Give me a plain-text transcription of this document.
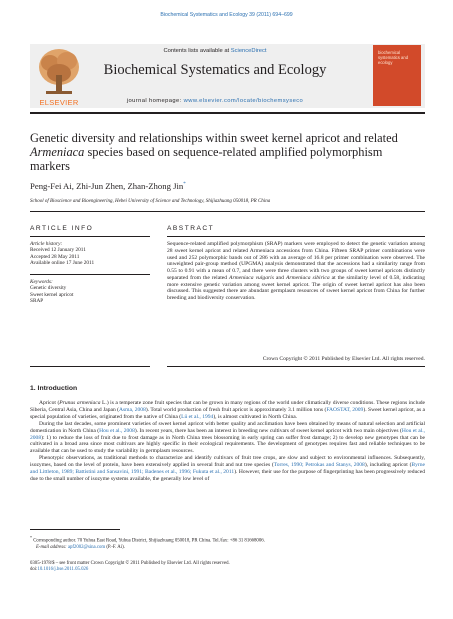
Biochemical Systematics and Ecology 39 (2011) 694–699
ELSEVIER
Contents lists available at ScienceDirect
Biochemical Systematics and Ecology
journal homepage: www.elsevier.com/locate/biochemsyseco
biochemical systematics and ecology
Genetic diversity and relationships within sweet kernel apricot and related Armeniaca species based on sequence-related amplified polymorphism markers
Peng-Fei Ai, Zhi-Jun Zhen, Zhan-Zhong Jin*
School of Bioscience and Bioengineering, Hebei University of Science and Technology, Shijiazhuang 050018, PR China
ARTICLE INFO
Article history:
Received 12 January 2011
Accepted 28 May 2011
Available online 17 June 2011
Keywords:
Genetic diversity
Sweet kernel apricot
SRAP
ABSTRACT
Sequence-related amplified polymorphism (SRAP) markers were employed to detect the genetic variation among 28 sweet kernel apricot and related Armeniaca accessions from China. Fifteen SRAP primer combinations were used and 252 polymorphic bands out of 286 with an average of 16.8 per primer combination were observed. The unweighted pair-group method (UPGMA) analysis demonstrated that the accessions had a similarity range from 0.55 to 0.91 with a mean of 0.7, and there were three clusters with two groups of sweet kernel apricots distinctly separated from the related Armeniaca vulgaris and Armeniaca sibirica at the similarity level of 0.58, indicating more extensive genetic variation among sweet kernel apricot. The origin of sweet kernel apricot has also been discussed. This suggested there are abundant germplasm resources of sweet kernel apricot from China for further breeding and biodiversity conservation.
Crown Copyright © 2011 Published by Elsevier Ltd. All rights reserved.
1. Introduction

Apricot (Prunus armeniaca L.) is a temperate zone fruit species that can be grown in many regions of the world under climatically diverse conditions. These regions include Siberia, Central Asia, China and Japan (Asma, 2008). Total world production of fresh fruit apricot is approximately 3.1 million tons (FAOSTAT, 2009). Sweet kernel apricot, as a special population of varieties, originated from the native of China (Lü et al., 1994), is almost cultivated in North China.

During the last decades, some prominent varieties of sweet kernel apricot with better quality and acclimation have been obtained by means of natural selection and artificial domestication in North China (Hou et al., 2008). In recent years, there has been an interest in breeding new cultivars of sweet kernel apricot with two main objectives (Hou et al., 2008): 1) to reduce the loss of fruit due to frost damage as in North China trees blossoming in early spring can suffer frost damage; 2) to develop new genotypes that can be cultivated in a broad area since most cultivars are highly specific in their ecological requirements. The development of genotypes requires fast and reliable techniques to be available that can be used to study the variability in germplasm resources.

Phenotypic observations, as traditional methods to characterize and identify cultivars of fruit tree crops, are slow and subject to environmental influences. Subsequently, isozymes, based on the level of protein, have been extensively applied in several fruit and nut tree species (Torres, 1990; Petrokas and Stanys, 2008), including apricot (Byrne and Littleton, 1989; Battistini and Sansavini, 1991; Badenes et al., 1996; Fukuta et al., 2011). However, their use for the purpose of fingerprinting has been progressively reduced due to the small number of isozyme systems available, the generally low level of

* Corresponding author. 70 Yuhua East Road, Yuhua District, Shijiazhuang 050018, PR China. Tel./fax: +86 31 81668006.
E-mail address: apf2002@sina.com (P.-F. Ai).
0305-1978/$ – see front matter Crown Copyright © 2011 Published by Elsevier Ltd. All rights reserved.
doi:10.1016/j.bse.2011.05.026
